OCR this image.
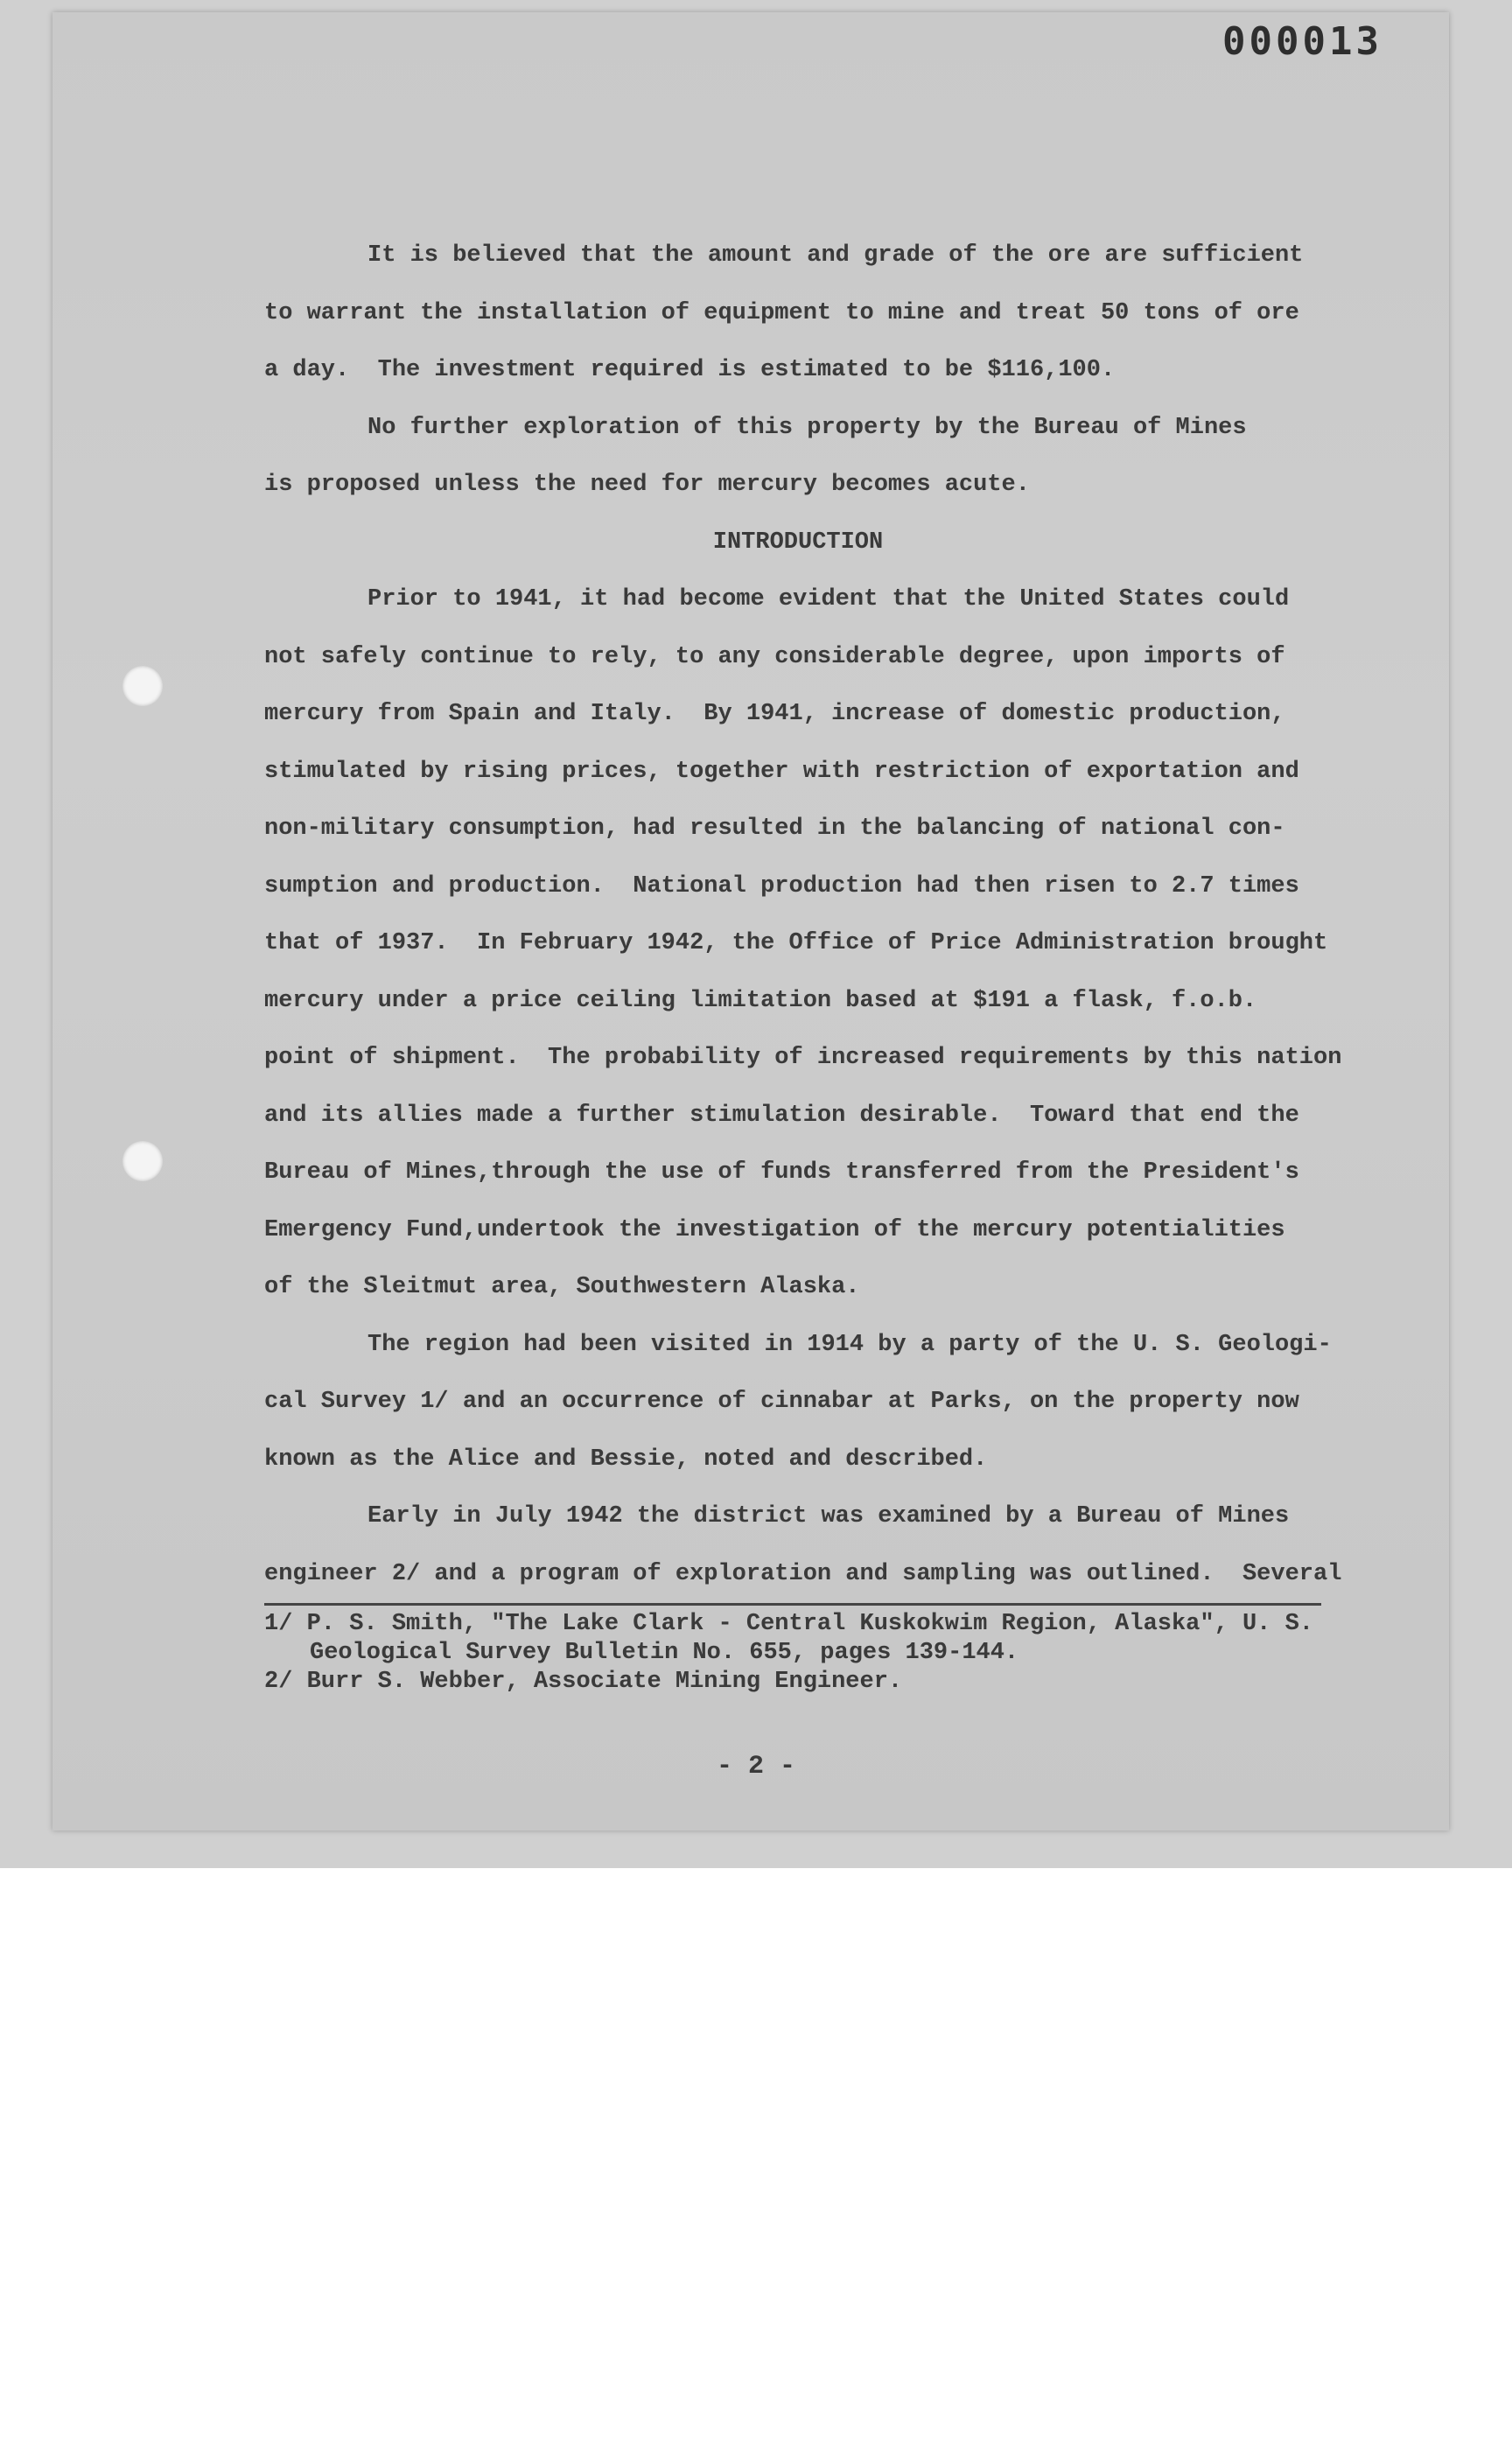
000013
It is believed that the amount and grade of the ore are sufficient
to warrant the installation of equipment to mine and treat 50 tons of ore
a day.  The investment required is estimated to be $116,100.
No further exploration of this property by the Bureau of Mines
is proposed unless the need for mercury becomes acute.
INTRODUCTION
Prior to 1941, it had become evident that the United States could
not safely continue to rely, to any considerable degree, upon imports of
mercury from Spain and Italy.  By 1941, increase of domestic production,
stimulated by rising prices, together with restriction of exportation and
non-military consumption, had resulted in the balancing of national con-
sumption and production.  National production had then risen to 2.7 times
that of 1937.  In February 1942, the Office of Price Administration brought
mercury under a price ceiling limitation based at $191 a flask, f.o.b.
point of shipment.  The probability of increased requirements by this nation
and its allies made a further stimulation desirable.  Toward that end the
Bureau of Mines,through the use of funds transferred from the President's
Emergency Fund,undertook the investigation of the mercury potentialities
of the Sleitmut area, Southwestern Alaska.
The region had been visited in 1914 by a party of the U. S. Geologi-
cal Survey 1/ and an occurrence of cinnabar at Parks, on the property now
known as the Alice and Bessie, noted and described.
Early in July 1942 the district was examined by a Bureau of Mines
engineer 2/ and a program of exploration and sampling was outlined.  Several
1/ P. S. Smith, "The Lake Clark - Central Kuskokwim Region, Alaska", U. S.
Geological Survey Bulletin No. 655, pages 139-144.
2/ Burr S. Webber, Associate Mining Engineer.
- 2 -
